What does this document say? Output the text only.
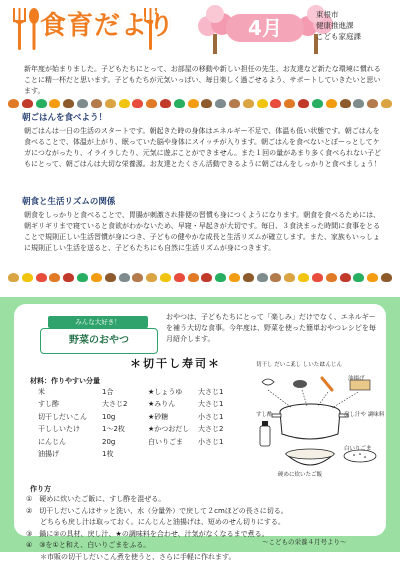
食育だより	4月
東根市
健康推進課
こども家庭課
新年度が始まりました。子どもたちにとって、お部屋の移動や新しい担任の先生、お友達など新たな環境に慣れることに精一杯だと思います。子どもたちが元気いっぱい、毎日楽しく過ごせるよう、サポートしていきたいと思います。
朝ごはんを食べよう！
朝ごはんは一日の生活のスタートです。朝起きた時の身体はエネルギー不足で、体温も低い状態です。朝ごはんを食べることで、体温が上がり、眠っていた脳や身体にスイッチが入ります。朝ごはんを食べないとぼーっとしてケガにつながったり、イライラしたり、元気に遊ぶことができません。また１回の量があまり多く食べられない子どもにとって、朝ごはんは大切な栄養源。お友達とたくさん活動できるように朝ごはんをしっかりと食べましょう！
朝食と生活リズムの関係
朝食をしっかりと食べることで、胃腸が刺激され排便の習慣も身につくようになります。朝食を食べるためには、朝ギリギリまで寝ていると食欲がわかないため、早寝・早起きが大切です。毎日、３食決まった時間に食事をとることで規則正しい生活習慣が身につき、子どもの健やかな成長と生活リズムが確立します。また、家族もいっしょに規則正しい生活を送ると、子どもたちにも自然に生活リズムが身につきます。
みんな大好き！
野菜のおやつ
おやつは、子どもたちにとって「楽しみ」だけでなく、エネルギーを補う大切な食事。今年度は、野菜を使った簡単おやつレシピを毎月紹介します。
＊切干し寿司＊
材料：作りやすい分量
米	1合
すし酢	大さじ2
切干しだいこん	10g
干ししいたけ	1〜2枚
にんじん	20g
油揚げ	1枚
★しょうゆ	大さじ1
★みりん	大さじ1
★砂糖	小さじ1
★かつおだし	大さじ2
白いりごま	小さじ1
切干し だいこん
干し しいたけ
にんじん
油揚げ
すし酢	戻し汁や 調味料
白いりごま
硬めに炊いたご飯
作り方
①　硬めに炊いたご飯に、すし酢を混ぜる。
②　切干しだいこんはサッと洗い、水（分量外）で戻して２cmほどの長さに切る。
　　どちらも戻し汁は取っておく。にんじんと油揚げは、短めのせん切りにする。
③　鍋に②の具材、戻し汁、★の調味料を合わせ、汁気がなくなるまで煮る。
④　③を①と和え、白いりごまをふる。
　　＊市販の切干しだいこん煮を使うと、さらに手軽に作れます。
〜こどもの栄養４月号より〜
